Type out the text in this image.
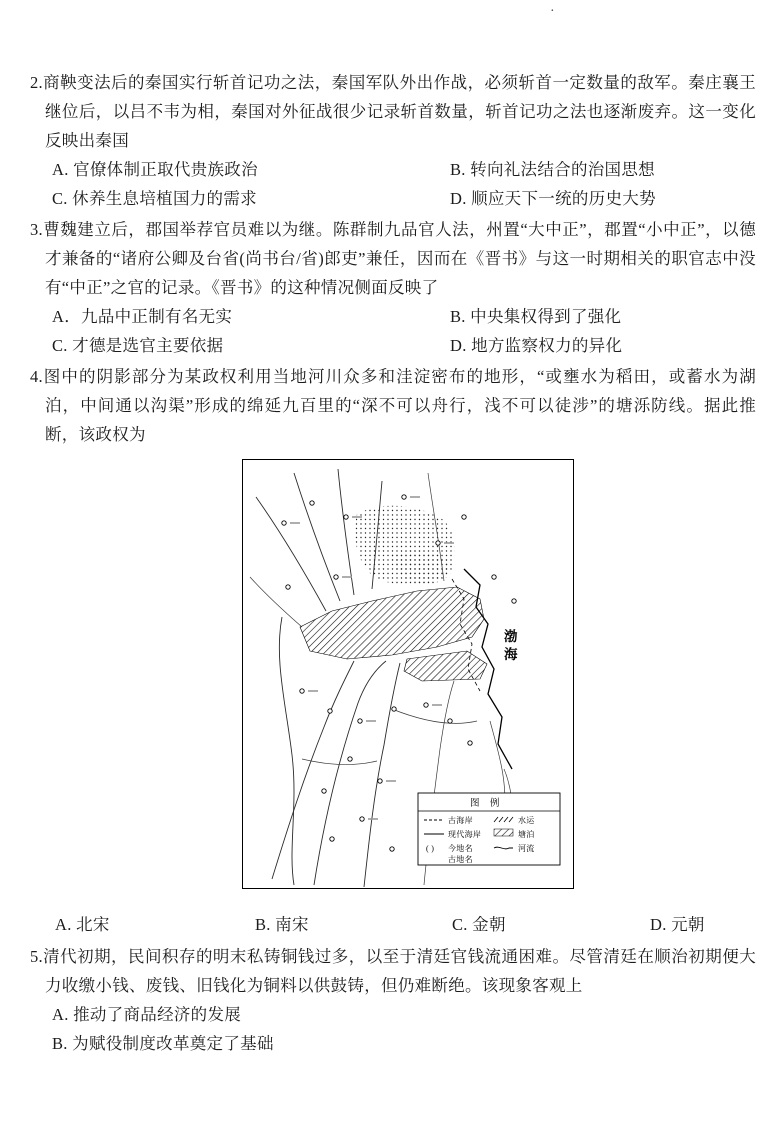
·
2.商鞅变法后的秦国实行斩首记功之法，秦国军队外出作战，必须斩首一定数量的敌军。秦庄襄王继位后，以吕不韦为相，秦国对外征战很少记录斩首数量，斩首记功之法也逐渐废弃。这一变化反映出秦国
A. 官僚体制正取代贵族政治	B. 转向礼法结合的治国思想
C. 休养生息培植国力的需求	D. 顺应天下一统的历史大势
3.曹魏建立后，郡国举荐官员难以为继。陈群制九品官人法，州置“大中正”，郡置“小中正”，以德才兼备的“诸府公卿及台省(尚书台/省)郎吏”兼任，因而在《晋书》与这一时期相关的职官志中没有“中正”之官的记录。《晋书》的这种情况侧面反映了
A．九品中正制有名无实	B. 中央集权得到了强化
C. 才德是选官主要依据	D. 地方监察权力的异化
4.图中的阴影部分为某政权利用当地河川众多和洼淀密布的地形，“或壅水为稻田，或蓄水为湖泊，中间通以沟渠”形成的绵延九百里的“深不可以舟行，浅不可以徒涉”的塘泺防线。据此推断，该政权为
渤
海
图 例
古海岸	水运
现代海岸	塘泊
( ) 今地名	河流
古地名
A. 北宋	B. 南宋	C. 金朝	D. 元朝
5.清代初期，民间积存的明末私铸铜钱过多，以至于清廷官钱流通困难。尽管清廷在顺治初期便大力收缴小钱、废钱、旧钱化为铜料以供鼓铸，但仍难断绝。该现象客观上
A. 推动了商品经济的发展
B. 为赋役制度改革奠定了基础
